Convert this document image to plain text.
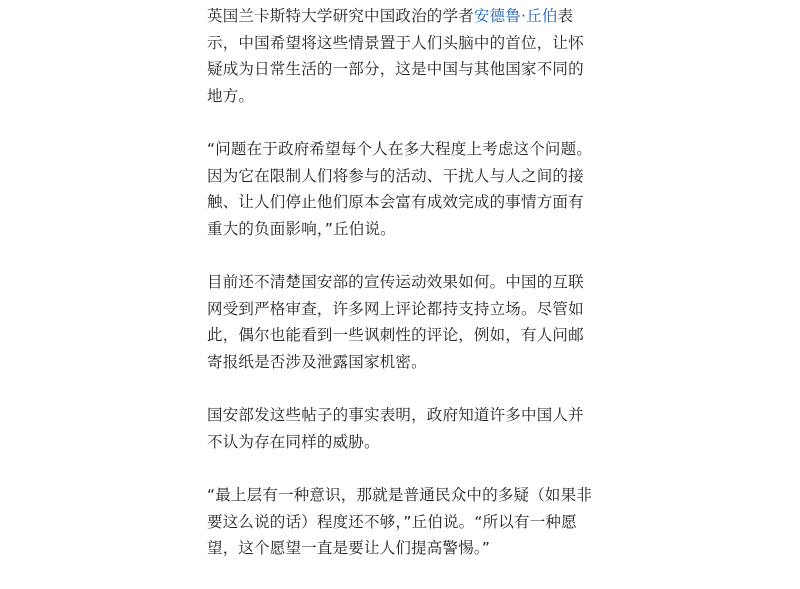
英国兰卡斯特大学研究中国政治的学者安德鲁·丘伯表示，中国希望将这些情景置于人们头脑中的首位，让怀疑成为日常生活的一部分，这是中国与其他国家不同的地方。

“问题在于政府希望每个人在多大程度上考虑这个问题。因为它在限制人们将参与的活动、干扰人与人之间的接触、让人们停止他们原本会富有成效完成的事情方面有重大的负面影响，”丘伯说。

目前还不清楚国安部的宣传运动效果如何。中国的互联网受到严格审查，许多网上评论都持支持立场。尽管如此，偶尔也能看到一些讽刺性的评论，例如，有人问邮寄报纸是否涉及泄露国家机密。

国安部发这些帖子的事实表明，政府知道许多中国人并不认为存在同样的威胁。

“最上层有一种意识，那就是普通民众中的多疑（如果非要这么说的话）程度还不够，”丘伯说。“所以有一种愿望，这个愿望一直是要让人们提高警惕。”
